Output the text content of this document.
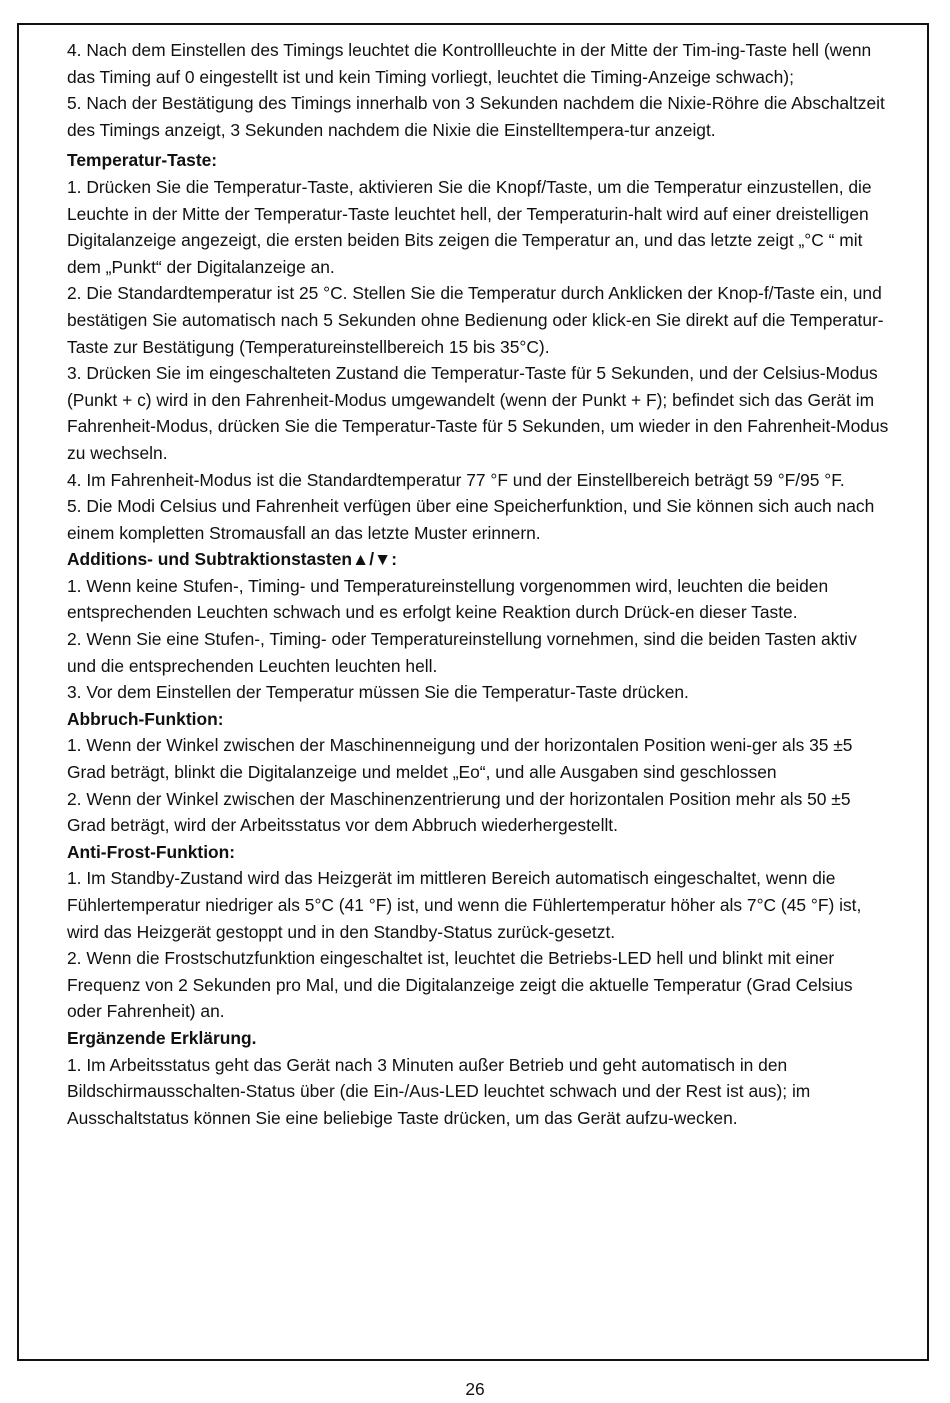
4. Nach dem Einstellen des Timings leuchtet die Kontrollleuchte in der Mitte der Tim-ing-Taste hell (wenn das Timing auf 0 eingestellt ist und kein Timing vorliegt, leuchtet die Timing-Anzeige schwach);

5. Nach der Bestätigung des Timings innerhalb von 3 Sekunden nachdem die Nixie-Röhre die Abschaltzeit des Timings anzeigt, 3 Sekunden nachdem die Nixie die Einstelltempera-tur anzeigt.

Temperatur-Taste:

1. Drücken Sie die Temperatur-Taste, aktivieren Sie die Knopf/Taste, um die Temperatur einzustellen, die Leuchte in der Mitte der Temperatur-Taste leuchtet hell, der Temperaturin-halt wird auf einer dreistelligen Digitalanzeige angezeigt, die ersten beiden Bits zeigen die Temperatur an, und das letzte zeigt „°C “ mit dem „Punkt“ der Digitalanzeige an.

2. Die Standardtemperatur ist 25 °C. Stellen Sie die Temperatur durch Anklicken der Knop-f/Taste ein, und bestätigen Sie automatisch nach 5 Sekunden ohne Bedienung oder klick-en Sie direkt auf die Temperatur-Taste zur Bestätigung (Temperatureinstellbereich 15 bis 35°C).

3. Drücken Sie im eingeschalteten Zustand die Temperatur-Taste für 5 Sekunden, und der Celsius-Modus (Punkt + c) wird in den Fahrenheit-Modus umgewandelt (wenn der Punkt + F); befindet sich das Gerät im Fahrenheit-Modus, drücken Sie die Temperatur-Taste für 5 Sekunden, um wieder in den Fahrenheit-Modus zu wechseln.

4. Im Fahrenheit-Modus ist die Standardtemperatur 77 °F und der Einstellbereich beträgt 59 °F/95 °F.

5. Die Modi Celsius und Fahrenheit verfügen über eine Speicherfunktion, und Sie können sich auch nach einem kompletten Stromausfall an das letzte Muster erinnern.

Additions- und Subtraktionstasten▲/▼:

1. Wenn keine Stufen-, Timing- und Temperatureinstellung vorgenommen wird, leuchten die beiden entsprechenden Leuchten schwach und es erfolgt keine Reaktion durch Drück-en dieser Taste.

2. Wenn Sie eine Stufen-, Timing- oder Temperatureinstellung vornehmen, sind die beiden Tasten aktiv und die entsprechenden Leuchten leuchten hell.

3. Vor dem Einstellen der Temperatur müssen Sie die Temperatur-Taste drücken.

Abbruch-Funktion:

1. Wenn der Winkel zwischen der Maschinenneigung und der horizontalen Position weni-ger als 35 ±5 Grad beträgt, blinkt die Digitalanzeige und meldet „Eo“, und alle Ausgaben sind geschlossen

2. Wenn der Winkel zwischen der Maschinenzentrierung und der horizontalen Position mehr als 50 ±5 Grad beträgt, wird der Arbeitsstatus vor dem Abbruch wiederhergestellt.

Anti-Frost-Funktion:

1. Im Standby-Zustand wird das Heizgerät im mittleren Bereich automatisch eingeschaltet, wenn die Fühlertemperatur niedriger als 5°C (41 °F) ist, und wenn die Fühlertemperatur höher als 7°C (45 °F) ist, wird das Heizgerät gestoppt und in den Standby-Status zurück-gesetzt.

2. Wenn die Frostschutzfunktion eingeschaltet ist, leuchtet die Betriebs-LED hell und blinkt mit einer Frequenz von 2 Sekunden pro Mal, und die Digitalanzeige zeigt die aktuelle Temperatur (Grad Celsius oder Fahrenheit) an.

Ergänzende Erklärung.

1. Im Arbeitsstatus geht das Gerät nach 3 Minuten außer Betrieb und geht automatisch in den Bildschirmausschalten-Status über (die Ein-/Aus-LED leuchtet schwach und der Rest ist aus); im Ausschaltstatus können Sie eine beliebige Taste drücken, um das Gerät aufzu-wecken.

26
